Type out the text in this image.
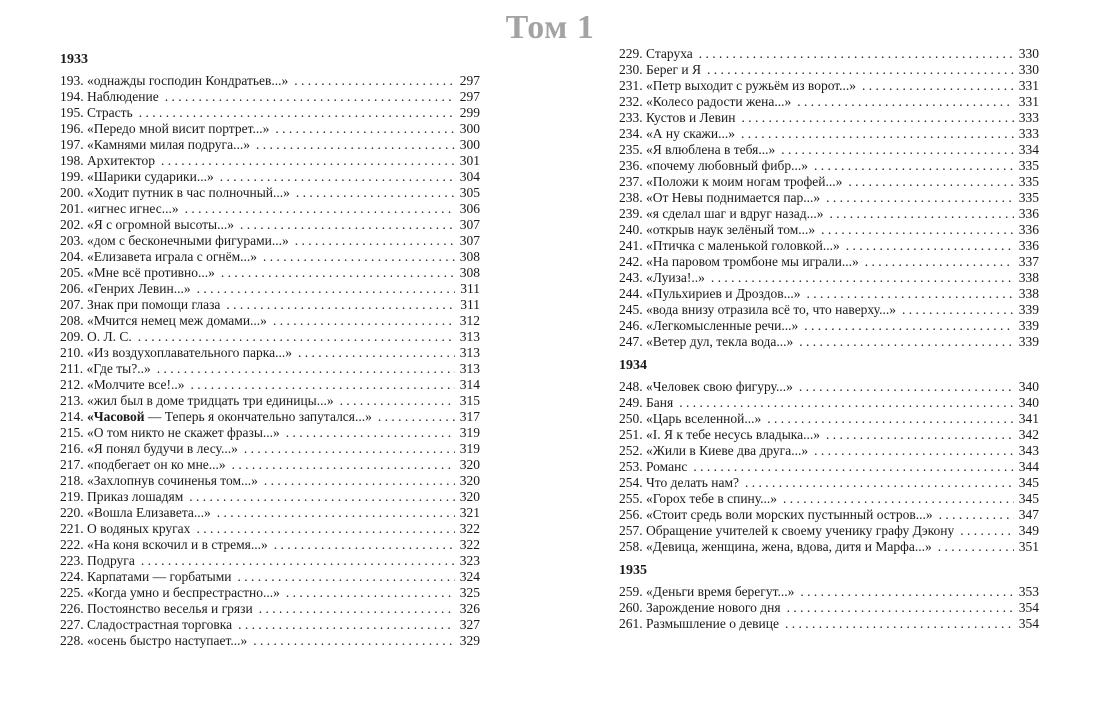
Том 1
1933
193. «однажды господин Кондратьев...» . . .	297
194. Наблюдение . . .	297
195. Страсть . . .	299
196. «Передо мной висит портрет...» . . .	300
197. «Камнями милая подруга...» . . .	300
198. Архитектор . . .	301
199. «Шарики сударики...» . . .	304
200. «Ходит путник в час полночный...» . . .	305
201. «игнес игнес...» . . .	306
202. «Я с огромной высоты...» . . .	307
203. «дом с бесконечными фигурами...» . . .	307
204. «Елизавета играла с огнём...» . . .	308
205. «Мне всё противно...» . . .	308
206. «Генрих Левин...» . . .	311
207. Знак при помощи глаза . . .	311
208. «Мчится немец меж домами...» . . .	312
209. О. Л. С. . . .	313
210. «Из воздухоплавательного парка...» . . .	313
211. «Где ты?..» . . .	313
212. «Молчите все!..» . . .	314
213. «жил был в доме тридцать три единицы...» . . .	315
214. «Часовой — Теперь я окончательно запутался...» . . .	317
215. «О том никто не скажет фразы...» . . .	319
216. «Я понял будучи в лесу...» . . .	319
217. «подбегает он ко мне...» . . .	320
218. «Захлопнув сочиненья том...» . . .	320
219. Приказ лошадям . . .	320
220. «Вошла Елизавета...» . . .	321
221. О водяных кругах . . .	322
222. «На коня вскочил и в стремя...» . . .	322
223. Подруга . . .	323
224. Карпатами — горбатыми . . .	324
225. «Когда умно и беспрестрастно...» . . .	325
226. Постоянство веселья и грязи . . .	326
227. Сладострастная торговка . . .	327
228. «осень быстро наступает...» . . .	329
229. Старуха . . .	330
230. Берег и Я . . .	330
231. «Петр выходит с ружьём из ворот...» . . .	331
232. «Колесо радости жена...» . . .	331
233. Кустов и Левин . . .	333
234. «А ну скажи...» . . .	333
235. «Я влюблена в тебя...» . . .	334
236. «почему любовный фибр...» . . .	335
237. «Положи к моим ногам трофей...» . . .	335
238. «От Невы поднимается пар...» . . .	335
239. «я сделал шаг и вдруг назад...» . . .	336
240. «открыв наук зелёный том...» . . .	336
241. «Птичка с маленькой головкой...» . . .	336
242. «На паровом тромбоне мы играли...» . . .	337
243. «Луиза!..» . . .	338
244. «Пульхириев и Дроздов...» . . .	338
245. «вода внизу отразила всё то, что наверху...» . . .	339
246. «Легкомысленные речи...» . . .	339
247. «Ветер дул, текла вода...» . . .	339
1934
248. «Человек свою фигуру...» . . .	340
249. Баня . . .	340
250. «Царь вселенной...» . . .	341
251. «I. Я к тебе несусь владыка...» . . .	342
252. «Жили в Киеве два друга...» . . .	343
253. Романс . . .	344
254. Что делать нам? . . .	345
255. «Горох тебе в спину...» . . .	345
256. «Стоит средь воли морских пустынный остров...» . . .	347
257. Обращение учителей к своему ученику графу Дэкону . . .	349
258. «Девица, женщина, жена, вдова, дитя и Марфа...» . . .	351
1935
259. «Деньги время берегут...» . . .	353
260. Зарождение нового дня . . .	354
261. Размышление о девице . . .	354
